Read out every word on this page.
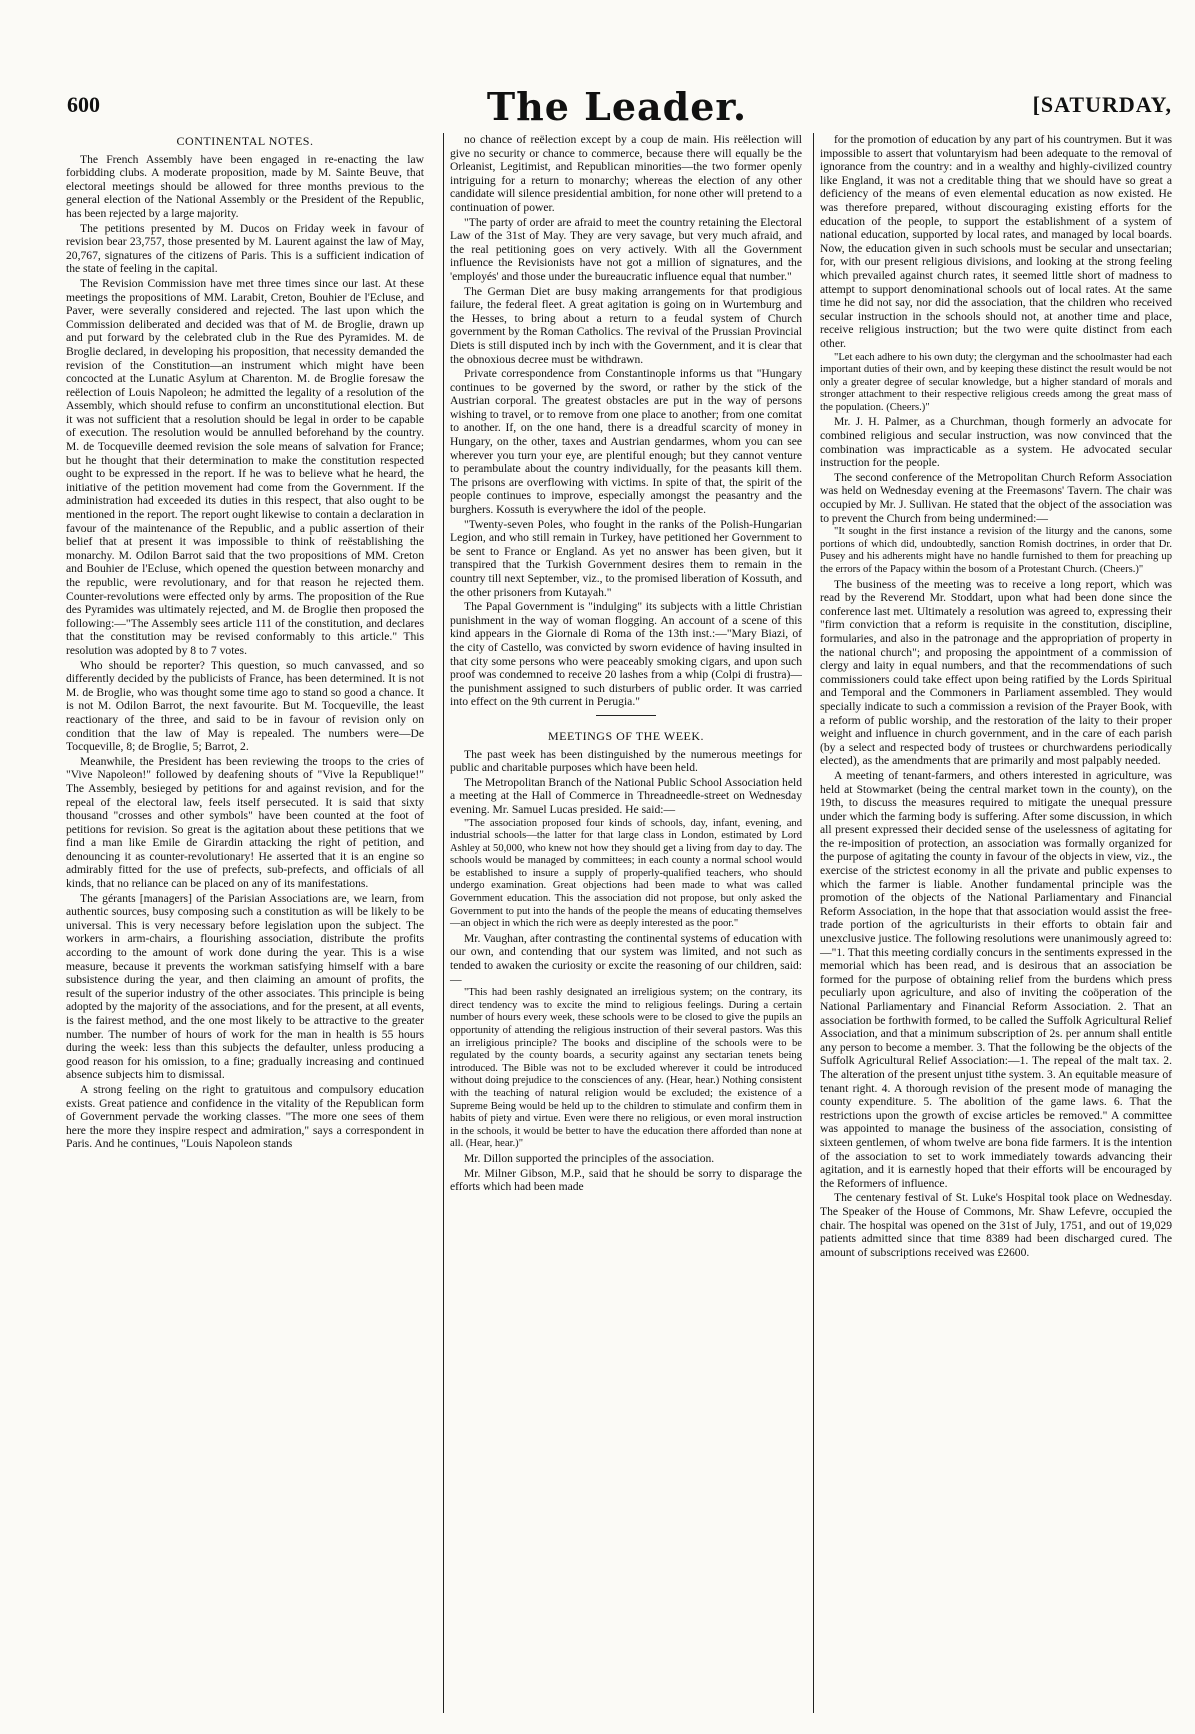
600	The Leader.	[SATURDAY,
CONTINENTAL NOTES.

The French Assembly have been engaged in re-enacting the law forbidding clubs. A moderate proposition, made by M. Sainte Beuve, that electoral meetings should be allowed for three months previous to the general election of the National Assembly or the President of the Republic, has been rejected by a large majority.

The petitions presented by M. Ducos on Friday week in favour of revision bear 23,757, those presented by M. Laurent against the law of May, 20,767, signatures of the citizens of Paris. This is a sufficient indication of the state of feeling in the capital.

The Revision Commission have met three times since our last. At these meetings the propositions of MM. Larabit, Creton, Bouhier de l'Ecluse, and Paver, were severally considered and rejected. The last upon which the Commission deliberated and decided was that of M. de Broglie, drawn up and put forward by the celebrated club in the Rue des Pyramides. M. de Broglie declared, in developing his proposition, that necessity demanded the revision of the Constitution—an instrument which might have been concocted at the Lunatic Asylum at Charenton. M. de Broglie foresaw the reëlection of Louis Napoleon; he admitted the legality of a resolution of the Assembly, which should refuse to confirm an unconstitutional election. But it was not sufficient that a resolution should be legal in order to be capable of execution. The resolution would be annulled beforehand by the country. M. de Tocqueville deemed revision the sole means of salvation for France; but he thought that their determination to make the constitution respected ought to be expressed in the report. If he was to believe what he heard, the initiative of the petition movement had come from the Government. If the administration had exceeded its duties in this respect, that also ought to be mentioned in the report. The report ought likewise to contain a declaration in favour of the maintenance of the Republic, and a public assertion of their belief that at present it was impossible to think of reëstablishing the monarchy. M. Odilon Barrot said that the two propositions of MM. Creton and Bouhier de l'Ecluse, which opened the question between monarchy and the republic, were revolutionary, and for that reason he rejected them. Counter-revolutions were effected only by arms. The proposition of the Rue des Pyramides was ultimately rejected, and M. de Broglie then proposed the following:—"The Assembly sees article 111 of the constitution, and declares that the constitution may be revised conformably to this article." This resolution was adopted by 8 to 7 votes.

Who should be reporter? This question, so much canvassed, and so differently decided by the publicists of France, has been determined. It is not M. de Broglie, who was thought some time ago to stand so good a chance. It is not M. Odilon Barrot, the next favourite. But M. Tocqueville, the least reactionary of the three, and said to be in favour of revision only on condition that the law of May is repealed. The numbers were—De Tocqueville, 8; de Broglie, 5; Barrot, 2.

Meanwhile, the President has been reviewing the troops to the cries of "Vive Napoleon!" followed by deafening shouts of "Vive la Republique!" The Assembly, besieged by petitions for and against revision, and for the repeal of the electoral law, feels itself persecuted. It is said that sixty thousand "crosses and other symbols" have been counted at the foot of petitions for revision. So great is the agitation about these petitions that we find a man like Emile de Girardin attacking the right of petition, and denouncing it as counter-revolutionary! He asserted that it is an engine so admirably fitted for the use of prefects, sub-prefects, and officials of all kinds, that no reliance can be placed on any of its manifestations.

The gérants [managers] of the Parisian Associations are, we learn, from authentic sources, busy composing such a constitution as will be likely to be universal. This is very necessary before legislation upon the subject. The workers in arm-chairs, a flourishing association, distribute the profits according to the amount of work done during the year. This is a wise measure, because it prevents the workman satisfying himself with a bare subsistence during the year, and then claiming an amount of profits, the result of the superior industry of the other associates. This principle is being adopted by the majority of the associations, and for the present, at all events, is the fairest method, and the one most likely to be attractive to the greater number. The number of hours of work for the man in health is 55 hours during the week: less than this subjects the defaulter, unless producing a good reason for his omission, to a fine; gradually increasing and continued absence subjects him to dismissal.

A strong feeling on the right to gratuitous and compulsory education exists. Great patience and confidence in the vitality of the Republican form of Government pervade the working classes. "The more one sees of them here the more they inspire respect and admiration," says a correspondent in Paris. And he continues, "Louis Napoleon stands

no chance of reëlection except by a coup de main. His reëlection will give no security or chance to commerce, because there will equally be the Orleanist, Legitimist, and Republican minorities—the two former openly intriguing for a return to monarchy; whereas the election of any other candidate will silence presidential ambition, for none other will pretend to a continuation of power.

"The party of order are afraid to meet the country retaining the Electoral Law of the 31st of May. They are very savage, but very much afraid, and the real petitioning goes on very actively. With all the Government influence the Revisionists have not got a million of signatures, and the 'employés' and those under the bureaucratic influence equal that number."

The German Diet are busy making arrangements for that prodigious failure, the federal fleet. A great agitation is going on in Wurtemburg and the Hesses, to bring about a return to a feudal system of Church government by the Roman Catholics. The revival of the Prussian Provincial Diets is still disputed inch by inch with the Government, and it is clear that the obnoxious decree must be withdrawn.

Private correspondence from Constantinople informs us that "Hungary continues to be governed by the sword, or rather by the stick of the Austrian corporal. The greatest obstacles are put in the way of persons wishing to travel, or to remove from one place to another; from one comitat to another. If, on the one hand, there is a dreadful scarcity of money in Hungary, on the other, taxes and Austrian gendarmes, whom you can see wherever you turn your eye, are plentiful enough; but they cannot venture to perambulate about the country individually, for the peasants kill them. The prisons are overflowing with victims. In spite of that, the spirit of the people continues to improve, especially amongst the peasantry and the burghers. Kossuth is everywhere the idol of the people.

"Twenty-seven Poles, who fought in the ranks of the Polish-Hungarian Legion, and who still remain in Turkey, have petitioned her Government to be sent to France or England. As yet no answer has been given, but it transpired that the Turkish Government desires them to remain in the country till next September, viz., to the promised liberation of Kossuth, and the other prisoners from Kutayah."

The Papal Government is "indulging" its subjects with a little Christian punishment in the way of woman flogging. An account of a scene of this kind appears in the Giornale di Roma of the 13th inst.:—"Mary Biazi, of the city of Castello, was convicted by sworn evidence of having insulted in that city some persons who were peaceably smoking cigars, and upon such proof was condemned to receive 20 lashes from a whip (Colpi di frustra)—the punishment assigned to such disturbers of public order. It was carried into effect on the 9th current in Perugia."

MEETINGS OF THE WEEK.

The past week has been distinguished by the numerous meetings for public and charitable purposes which have been held.

The Metropolitan Branch of the National Public School Association held a meeting at the Hall of Commerce in Threadneedle-street on Wednesday evening. Mr. Samuel Lucas presided. He said:—

"The association proposed four kinds of schools, day, infant, evening, and industrial schools—the latter for that large class in London, estimated by Lord Ashley at 50,000, who knew not how they should get a living from day to day. The schools would be managed by committees; in each county a normal school would be established to insure a supply of properly-qualified teachers, who should undergo examination. Great objections had been made to what was called Government education. This the association did not propose, but only asked the Government to put into the hands of the people the means of educating themselves—an object in which the rich were as deeply interested as the poor."

Mr. Vaughan, after contrasting the continental systems of education with our own, and contending that our system was limited, and not such as tended to awaken the curiosity or excite the reasoning of our children, said:—

"This had been rashly designated an irreligious system; on the contrary, its direct tendency was to excite the mind to religious feelings. During a certain number of hours every week, these schools were to be closed to give the pupils an opportunity of attending the religious instruction of their several pastors. Was this an irreligious principle? The books and discipline of the schools were to be regulated by the county boards, a security against any sectarian tenets being introduced. The Bible was not to be excluded wherever it could be introduced without doing prejudice to the consciences of any. (Hear, hear.) Nothing consistent with the teaching of natural religion would be excluded; the existence of a Supreme Being would be held up to the children to stimulate and confirm them in habits of piety and virtue. Even were there no religious, or even moral instruction in the schools, it would be better to have the education there afforded than none at all. (Hear, hear.)"

Mr. Dillon supported the principles of the association.

Mr. Milner Gibson, M.P., said that he should be sorry to disparage the efforts which had been made

for the promotion of education by any part of his countrymen. But it was impossible to assert that voluntaryism had been adequate to the removal of ignorance from the country: and in a wealthy and highly-civilized country like England, it was not a creditable thing that we should have so great a deficiency of the means of even elemental education as now existed. He was therefore prepared, without discouraging existing efforts for the education of the people, to support the establishment of a system of national education, supported by local rates, and managed by local boards. Now, the education given in such schools must be secular and unsectarian; for, with our present religious divisions, and looking at the strong feeling which prevailed against church rates, it seemed little short of madness to attempt to support denominational schools out of local rates. At the same time he did not say, nor did the association, that the children who received secular instruction in the schools should not, at another time and place, receive religious instruction; but the two were quite distinct from each other.

"Let each adhere to his own duty; the clergyman and the schoolmaster had each important duties of their own, and by keeping these distinct the result would be not only a greater degree of secular knowledge, but a higher standard of morals and stronger attachment to their respective religious creeds among the great mass of the population. (Cheers.)"

Mr. J. H. Palmer, as a Churchman, though formerly an advocate for combined religious and secular instruction, was now convinced that the combination was impracticable as a system. He advocated secular instruction for the people.

The second conference of the Metropolitan Church Reform Association was held on Wednesday evening at the Freemasons' Tavern. The chair was occupied by Mr. J. Sullivan. He stated that the object of the association was to prevent the Church from being undermined:—

"It sought in the first instance a revision of the liturgy and the canons, some portions of which did, undoubtedly, sanction Romish doctrines, in order that Dr. Pusey and his adherents might have no handle furnished to them for preaching up the errors of the Papacy within the bosom of a Protestant Church. (Cheers.)"

The business of the meeting was to receive a long report, which was read by the Reverend Mr. Stoddart, upon what had been done since the conference last met. Ultimately a resolution was agreed to, expressing their "firm conviction that a reform is requisite in the constitution, discipline, formularies, and also in the patronage and the appropriation of property in the national church"; and proposing the appointment of a commission of clergy and laity in equal numbers, and that the recommendations of such commissioners could take effect upon being ratified by the Lords Spiritual and Temporal and the Commoners in Parliament assembled. They would specially indicate to such a commission a revision of the Prayer Book, with a reform of public worship, and the restoration of the laity to their proper weight and influence in church government, and in the care of each parish (by a select and respected body of trustees or churchwardens periodically elected), as the amendments that are primarily and most palpably needed.

A meeting of tenant-farmers, and others interested in agriculture, was held at Stowmarket (being the central market town in the county), on the 19th, to discuss the measures required to mitigate the unequal pressure under which the farming body is suffering. After some discussion, in which all present expressed their decided sense of the uselessness of agitating for the re-imposition of protection, an association was formally organized for the purpose of agitating the county in favour of the objects in view, viz., the exercise of the strictest economy in all the private and public expenses to which the farmer is liable. Another fundamental principle was the promotion of the objects of the National Parliamentary and Financial Reform Association, in the hope that that association would assist the free-trade portion of the agriculturists in their efforts to obtain fair and unexclusive justice. The following resolutions were unanimously agreed to:—"1. That this meeting cordially concurs in the sentiments expressed in the memorial which has been read, and is desirous that an association be formed for the purpose of obtaining relief from the burdens which press peculiarly upon agriculture, and also of inviting the coöperation of the National Parliamentary and Financial Reform Association. 2. That an association be forthwith formed, to be called the Suffolk Agricultural Relief Association, and that a minimum subscription of 2s. per annum shall entitle any person to become a member. 3. That the following be the objects of the Suffolk Agricultural Relief Association:—1. The repeal of the malt tax. 2. The alteration of the present unjust tithe system. 3. An equitable measure of tenant right. 4. A thorough revision of the present mode of managing the county expenditure. 5. The abolition of the game laws. 6. That the restrictions upon the growth of excise articles be removed." A committee was appointed to manage the business of the association, consisting of sixteen gentlemen, of whom twelve are bona fide farmers. It is the intention of the association to set to work immediately towards advancing their agitation, and it is earnestly hoped that their efforts will be encouraged by the Reformers of influence.

The centenary festival of St. Luke's Hospital took place on Wednesday. The Speaker of the House of Commons, Mr. Shaw Lefevre, occupied the chair. The hospital was opened on the 31st of July, 1751, and out of 19,029 patients admitted since that time 8389 had been discharged cured. The amount of subscriptions received was £2600.
